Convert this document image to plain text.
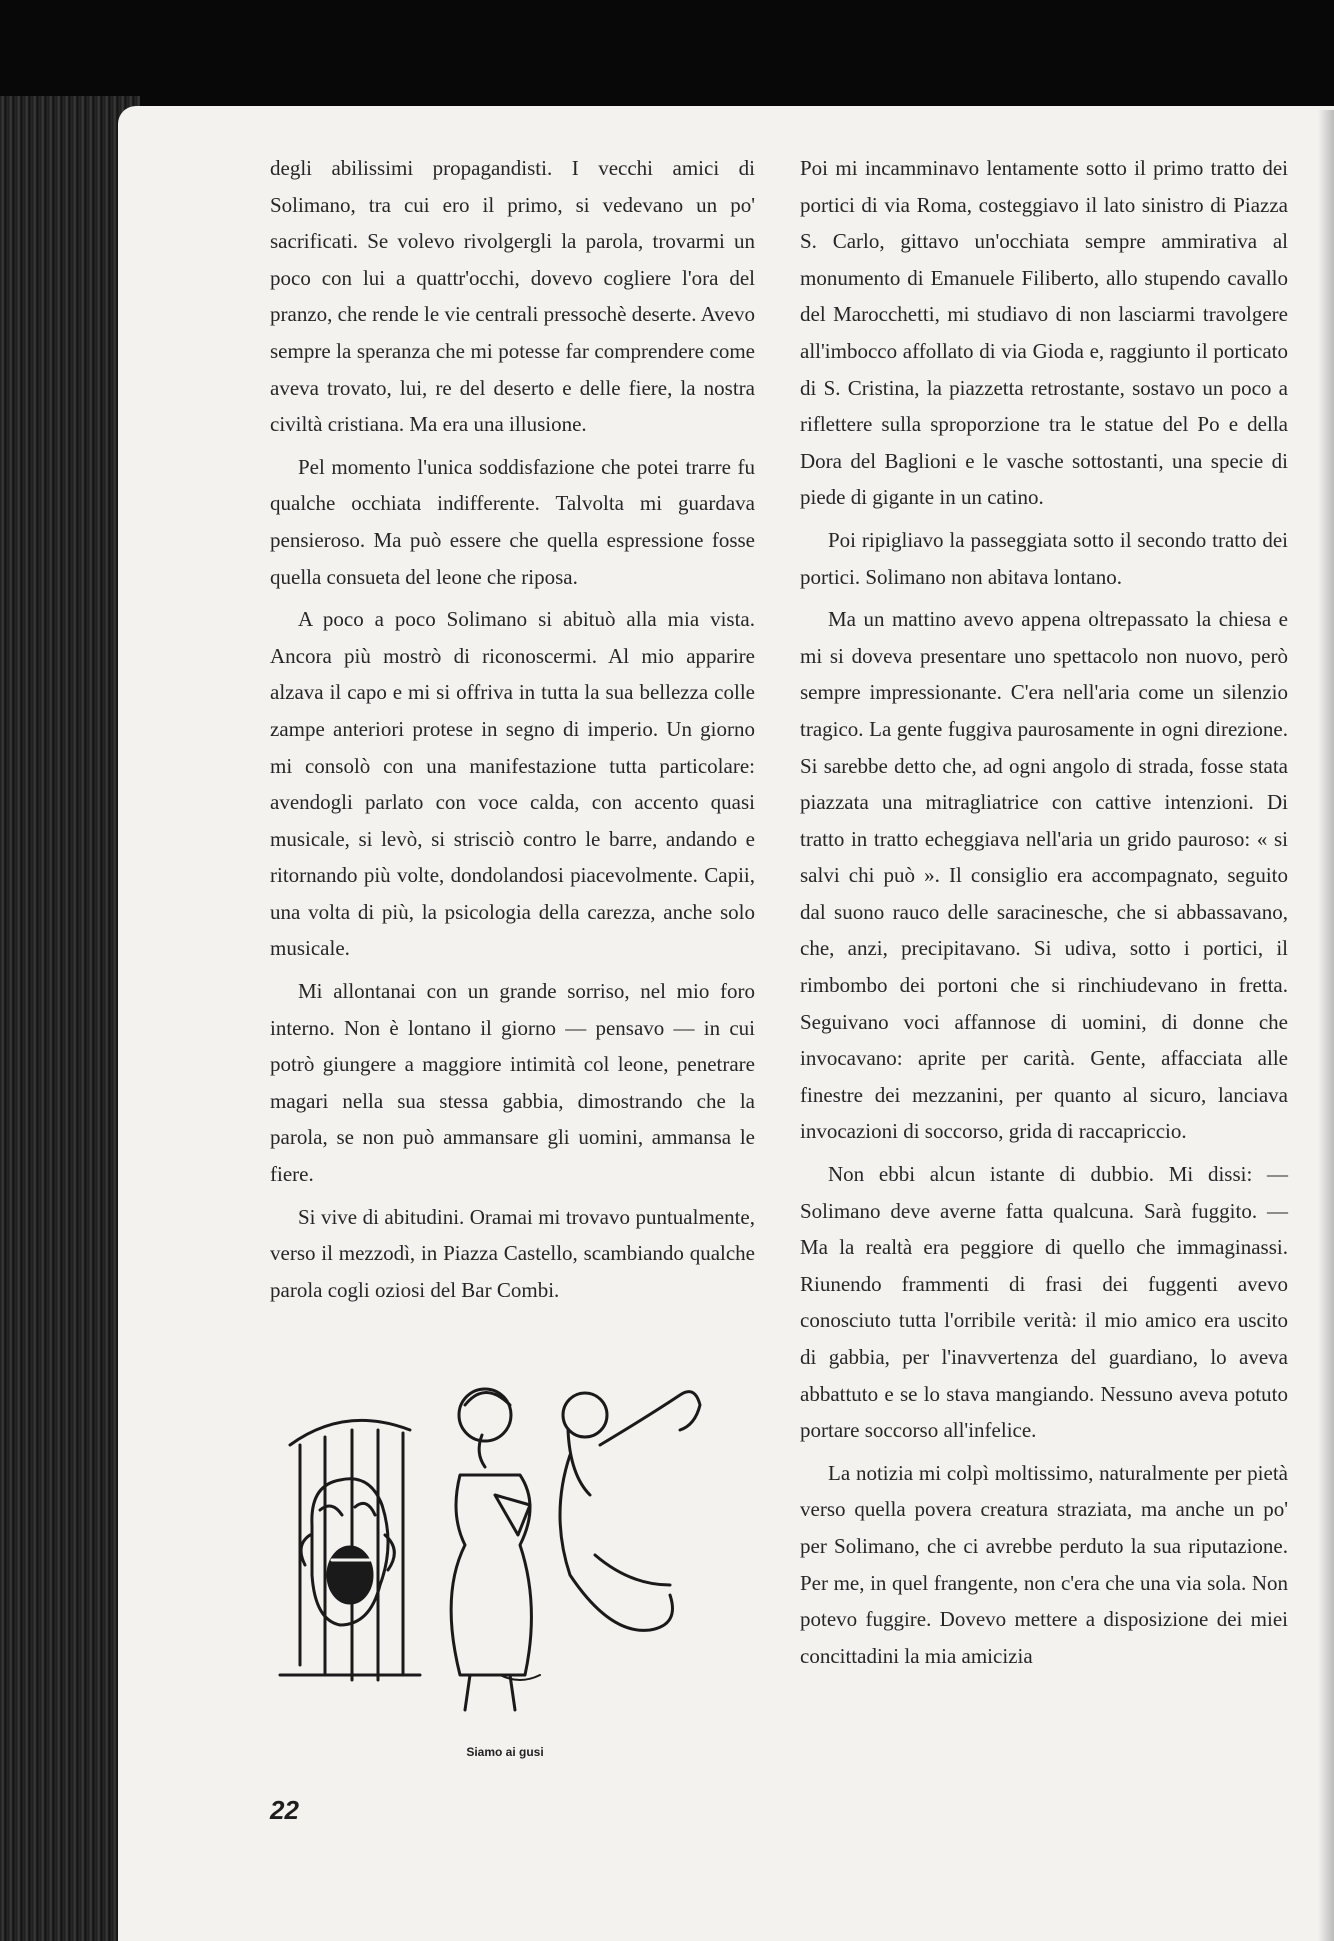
degli abilissimi propagandisti. I vecchi amici di Solimano, tra cui ero il primo, si vedevano un po' sacrificati. Se volevo rivolgergli la parola, trovarmi un poco con lui a quattr'occhi, dovevo cogliere l'ora del pranzo, che rende le vie centrali pressochè deserte. Avevo sempre la speranza che mi potesse far comprendere come aveva trovato, lui, re del deserto e delle fiere, la nostra civiltà cristiana. Ma era una illusione.

Pel momento l'unica soddisfazione che potei trarre fu qualche occhiata indifferente. Talvolta mi guardava pensieroso. Ma può essere che quella espressione fosse quella consueta del leone che riposa.

A poco a poco Solimano si abituò alla mia vista. Ancora più mostrò di riconoscermi. Al mio apparire alzava il capo e mi si offriva in tutta la sua bellezza colle zampe anteriori protese in segno di imperio. Un giorno mi consolò con una manifestazione tutta particolare: avendogli parlato con voce calda, con accento quasi musicale, si levò, si strisciò contro le barre, andando e ritornando più volte, dondolandosi piacevolmente. Capii, una volta di più, la psicologia della carezza, anche solo musicale.

Mi allontanai con un grande sorriso, nel mio foro interno. Non è lontano il giorno — pensavo — in cui potrò giungere a maggiore intimità col leone, penetrare magari nella sua stessa gabbia, dimostrando che la parola, se non può ammansare gli uomini, ammansa le fiere.

Si vive di abitudini. Oramai mi trovavo puntualmente, verso il mezzodì, in Piazza Castello, scambiando qualche parola cogli oziosi del Bar Combi.

Poi mi incamminavo lentamente sotto il primo tratto dei portici di via Roma, costeggiavo il lato sinistro di Piazza S. Carlo, gittavo un'occhiata sempre ammirativa al monumento di Emanuele Filiberto, allo stupendo cavallo del Marocchetti, mi studiavo di non lasciarmi travolgere all'imbocco affollato di via Gioda e, raggiunto il porticato di S. Cristina, la piazzetta retrostante, sostavo un poco a riflettere sulla sproporzione tra le statue del Po e della Dora del Baglioni e le vasche sottostanti, una specie di piede di gigante in un catino.

Poi ripigliavo la passeggiata sotto il secondo tratto dei portici. Solimano non abitava lontano.

Ma un mattino avevo appena oltrepassato la chiesa e mi si doveva presentare uno spettacolo non nuovo, però sempre impressionante. C'era nell'aria come un silenzio tragico. La gente fuggiva paurosamente in ogni direzione. Si sarebbe detto che, ad ogni angolo di strada, fosse stata piazzata una mitragliatrice con cattive intenzioni. Di tratto in tratto echeggiava nell'aria un grido pauroso: « si salvi chi può ». Il consiglio era accompagnato, seguito dal suono rauco delle saracinesche, che si abbassavano, che, anzi, precipitavano. Si udiva, sotto i portici, il rimbombo dei portoni che si rinchiudevano in fretta. Seguivano voci affannose di uomini, di donne che invocavano: aprite per carità. Gente, affacciata alle finestre dei mezzanini, per quanto al sicuro, lanciava invocazioni di soccorso, grida di raccapriccio.

Non ebbi alcun istante di dubbio. Mi dissi: — Solimano deve averne fatta qualcuna. Sarà fuggito. — Ma la realtà era peggiore di quello che immaginassi. Riunendo frammenti di frasi dei fuggenti avevo conosciuto tutta l'orribile verità: il mio amico era uscito di gabbia, per l'inavvertenza del guardiano, lo aveva abbattuto e se lo stava mangiando. Nessuno aveva potuto portare soccorso all'infelice.

La notizia mi colpì moltissimo, naturalmente per pietà verso quella povera creatura straziata, ma anche un po' per Solimano, che ci avrebbe perduto la sua riputazione. Per me, in quel frangente, non c'era che una via sola. Non potevo fuggire. Dovevo mettere a disposizione dei miei concittadini la mia amicizia

Siamo ai gusi
22
